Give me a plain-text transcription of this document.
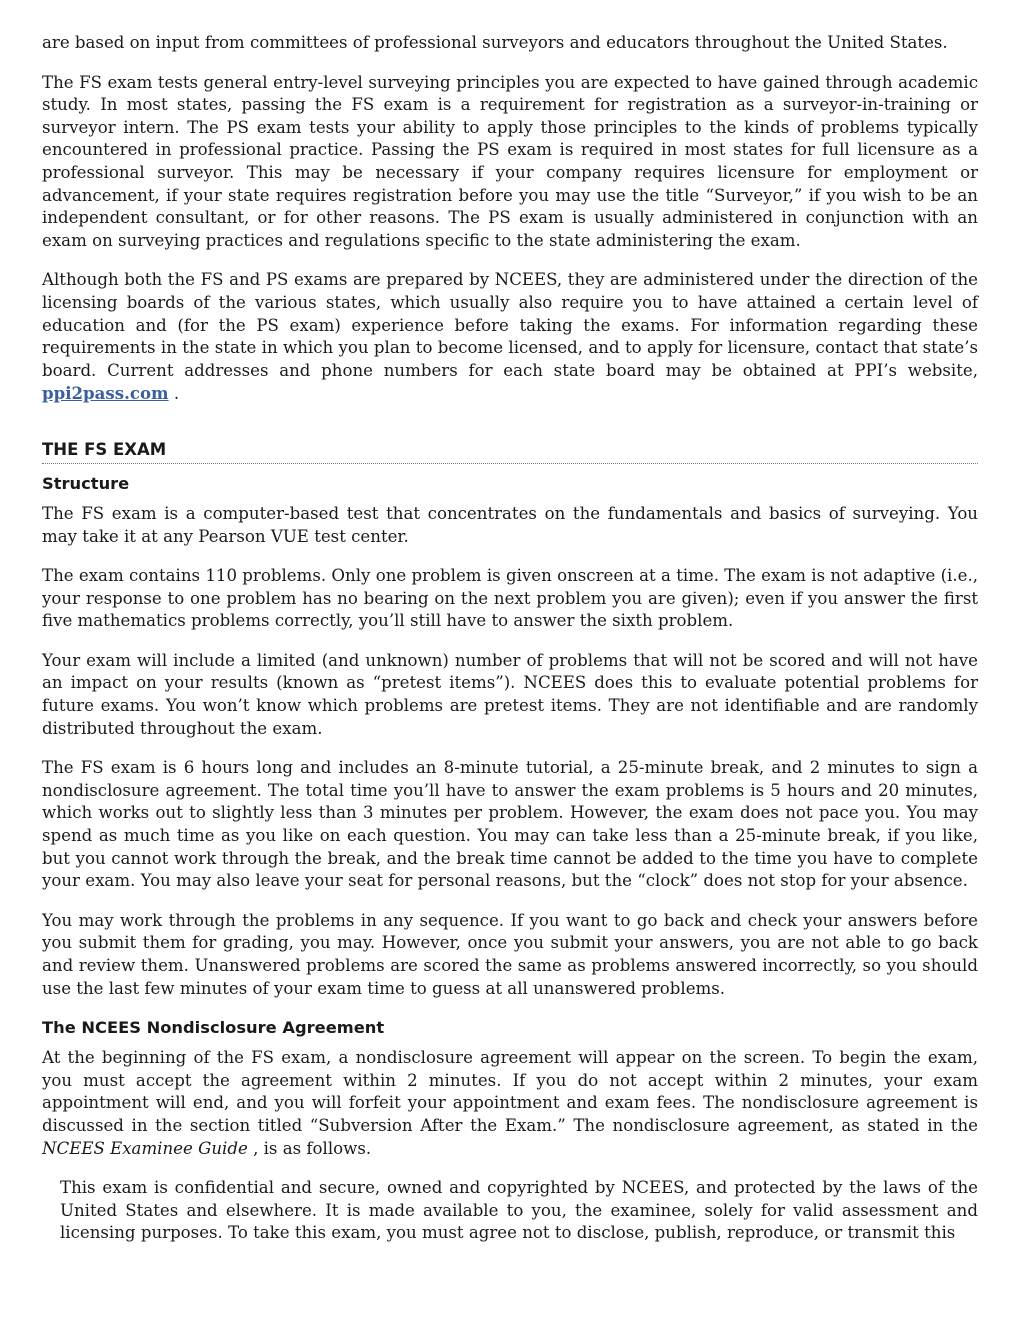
are based on input from committees of professional surveyors and educators throughout the United States.

The FS exam tests general entry-level surveying principles you are expected to have gained through academic study. In most states, passing the FS exam is a requirement for registration as a surveyor-in-training or surveyor intern. The PS exam tests your ability to apply those principles to the kinds of problems typically encountered in professional practice. Passing the PS exam is required in most states for full licensure as a professional surveyor. This may be necessary if your company requires licensure for employment or advancement, if your state requires registration before you may use the title “Surveyor,” if you wish to be an independent consultant, or for other reasons. The PS exam is usually administered in conjunction with an exam on surveying practices and regulations specific to the state administering the exam.

Although both the FS and PS exams are prepared by NCEES, they are administered under the direction of the licensing boards of the various states, which usually also require you to have attained a certain level of education and (for the PS exam) experience before taking the exams. For information regarding these requirements in the state in which you plan to become licensed, and to apply for licensure, contact that state’s board. Current addresses and phone numbers for each state board may be obtained at PPI’s website, ppi2pass.com .

THE FS EXAM
Structure

The FS exam is a computer-based test that concentrates on the fundamentals and basics of surveying. You may take it at any Pearson VUE test center.

The exam contains 110 problems. Only one problem is given onscreen at a time. The exam is not adaptive (i.e., your response to one problem has no bearing on the next problem you are given); even if you answer the first five mathematics problems correctly, you’ll still have to answer the sixth problem.

Your exam will include a limited (and unknown) number of problems that will not be scored and will not have an impact on your results (known as “pretest items”). NCEES does this to evaluate potential problems for future exams. You won’t know which problems are pretest items. They are not identifiable and are randomly distributed throughout the exam.

The FS exam is 6 hours long and includes an 8-minute tutorial, a 25-minute break, and 2 minutes to sign a nondisclosure agreement. The total time you’ll have to answer the exam problems is 5 hours and 20 minutes, which works out to slightly less than 3 minutes per problem. However, the exam does not pace you. You may spend as much time as you like on each question. You may can take less than a 25-minute break, if you like, but you cannot work through the break, and the break time cannot be added to the time you have to complete your exam. You may also leave your seat for personal reasons, but the “clock” does not stop for your absence.

You may work through the problems in any sequence. If you want to go back and check your answers before you submit them for grading, you may. However, once you submit your answers, you are not able to go back and review them. Unanswered problems are scored the same as problems answered incorrectly, so you should use the last few minutes of your exam time to guess at all unanswered problems.

The NCEES Nondisclosure Agreement

At the beginning of the FS exam, a nondisclosure agreement will appear on the screen. To begin the exam, you must accept the agreement within 2 minutes. If you do not accept within 2 minutes, your exam appointment will end, and you will forfeit your appointment and exam fees. The nondisclosure agreement is discussed in the section titled “Subversion After the Exam.” The nondisclosure agreement, as stated in the NCEES Examinee Guide , is as follows.

This exam is confidential and secure, owned and copyrighted by NCEES, and protected by the laws of the United States and elsewhere. It is made available to you, the examinee, solely for valid assessment and licensing purposes. To take this exam, you must agree not to disclose, publish, reproduce, or transmit this
